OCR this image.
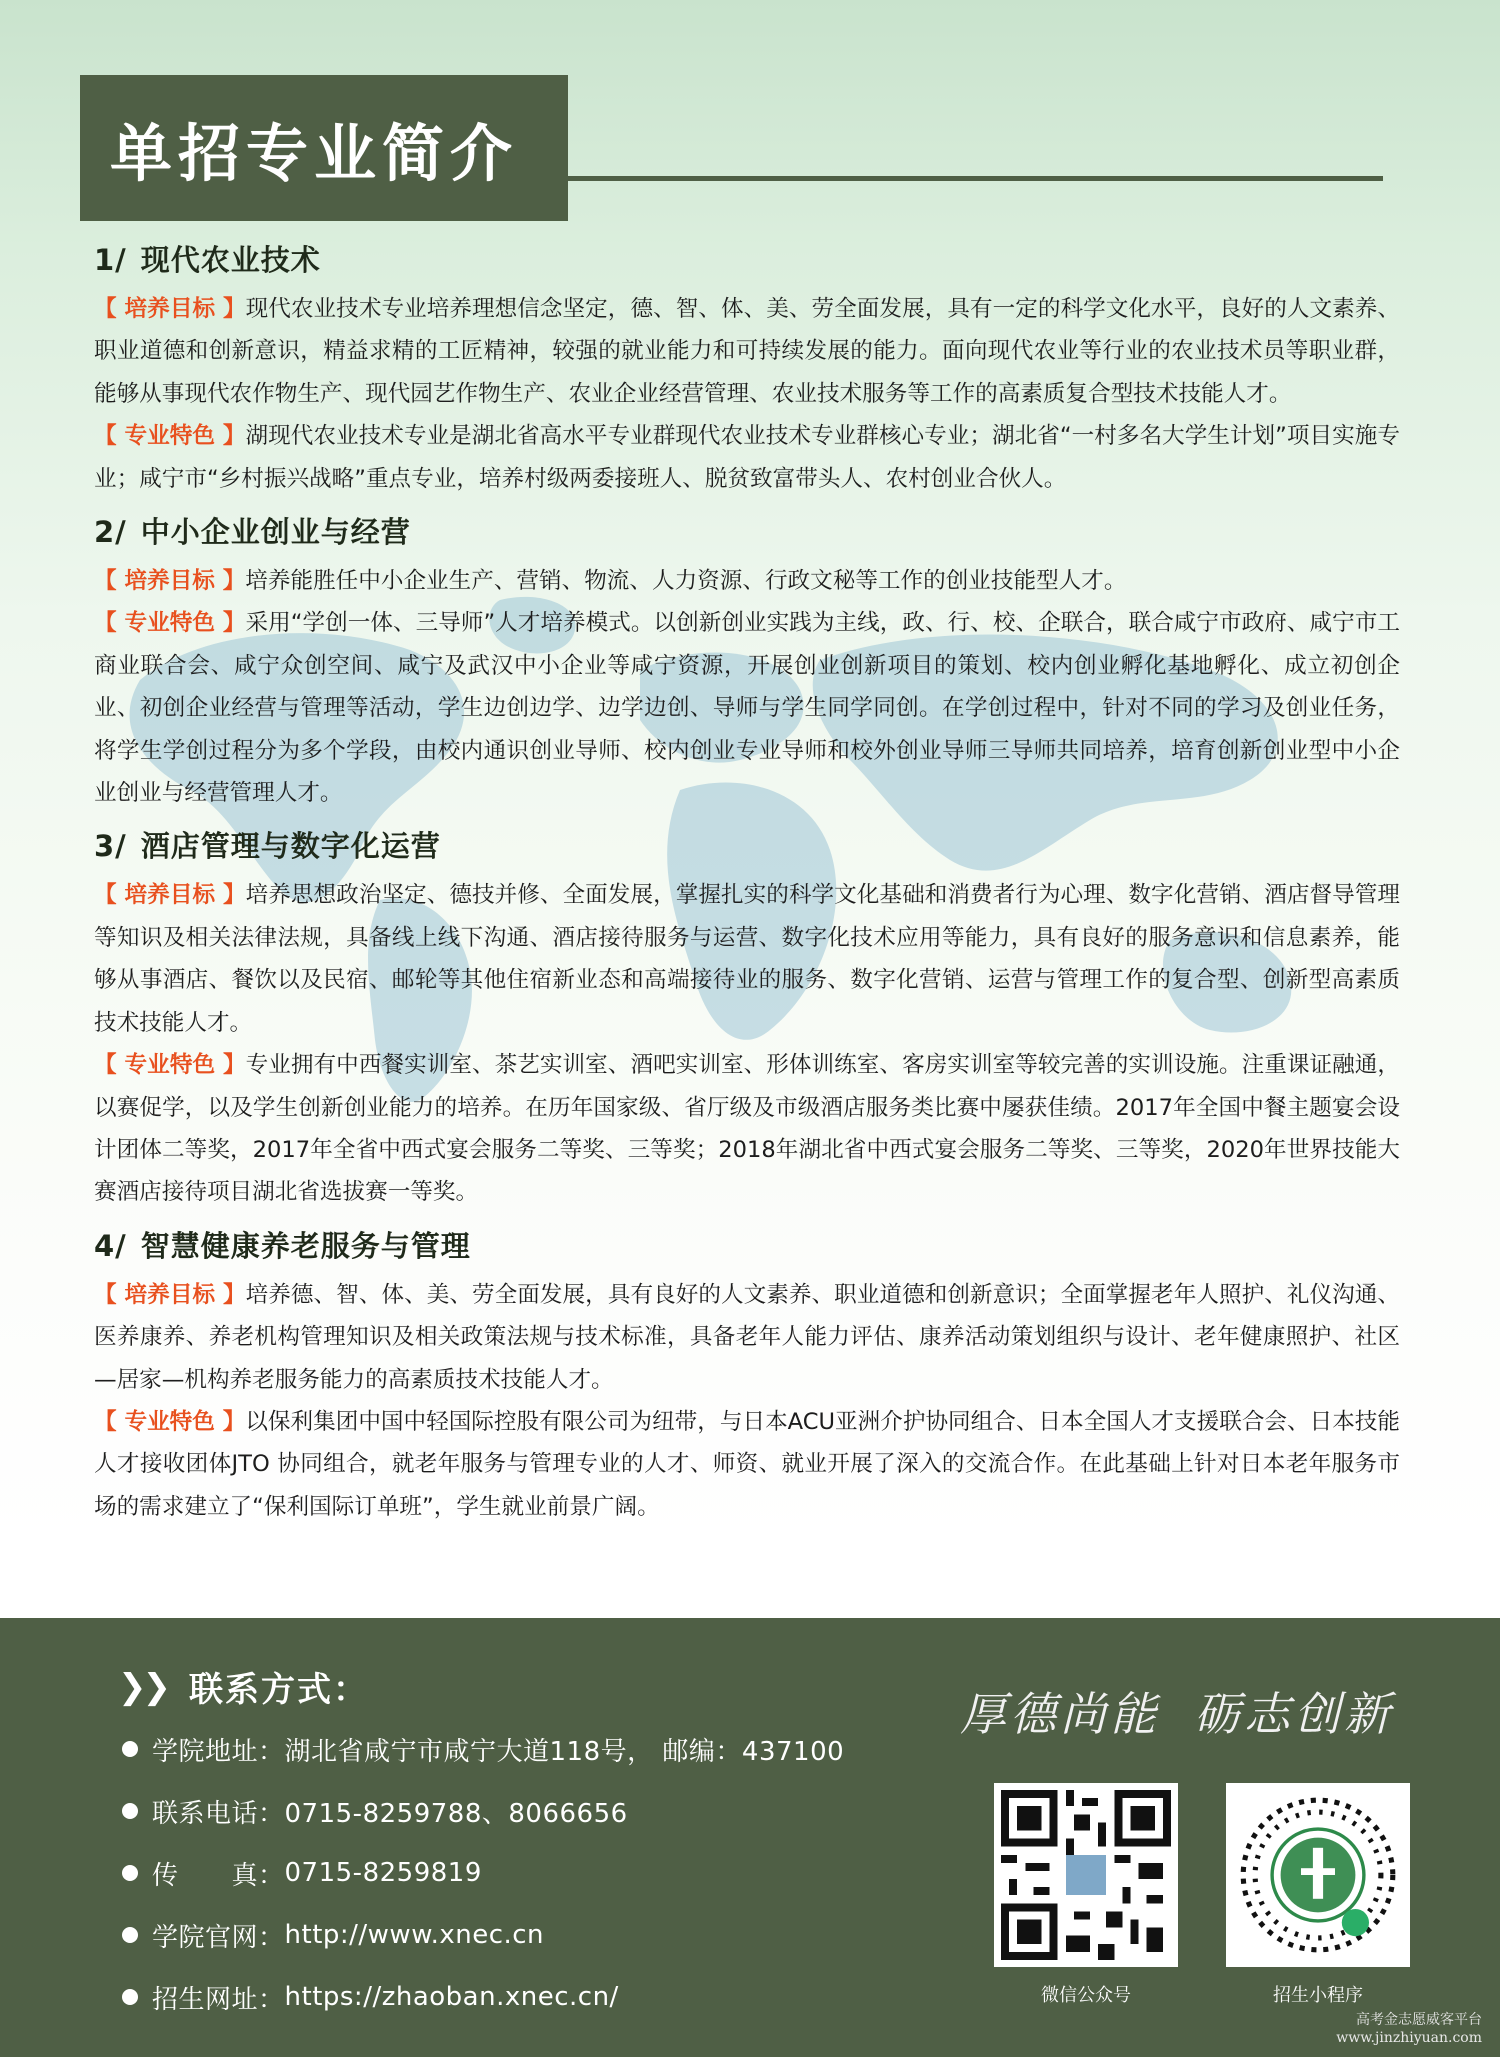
单招专业简介
1/ 现代农业技术
【 培养目标 】现代农业技术专业培养理想信念坚定，德、智、体、美、劳全面发展，具有一定的科学文化水平，良好的人文素养、职业道德和创新意识，精益求精的工匠精神，较强的就业能力和可持续发展的能力。面向现代农业等行业的农业技术员等职业群，能够从事现代农作物生产、现代园艺作物生产、农业企业经营管理、农业技术服务等工作的高素质复合型技术技能人才。
【 专业特色 】湖现代农业技术专业是湖北省高水平专业群现代农业技术专业群核心专业；湖北省“一村多名大学生计划”项目实施专业；咸宁市“乡村振兴战略”重点专业，培养村级两委接班人、脱贫致富带头人、农村创业合伙人。
2/ 中小企业创业与经营
【 培养目标 】培养能胜任中小企业生产、营销、物流、人力资源、行政文秘等工作的创业技能型人才。
【 专业特色 】采用“学创一体、三导师”人才培养模式。以创新创业实践为主线，政、行、校、企联合，联合咸宁市政府、咸宁市工商业联合会、咸宁众创空间、咸宁及武汉中小企业等咸宁资源，开展创业创新项目的策划、校内创业孵化基地孵化、成立初创企业、初创企业经营与管理等活动，学生边创边学、边学边创、导师与学生同学同创。在学创过程中，针对不同的学习及创业任务，将学生学创过程分为多个学段，由校内通识创业导师、校内创业专业导师和校外创业导师三导师共同培养，培育创新创业型中小企业创业与经营管理人才。
3/ 酒店管理与数字化运营
【 培养目标 】培养思想政治坚定、德技并修、全面发展，掌握扎实的科学文化基础和消费者行为心理、数字化营销、酒店督导管理等知识及相关法律法规，具备线上线下沟通、酒店接待服务与运营、数字化技术应用等能力，具有良好的服务意识和信息素养，能够从事酒店、餐饮以及民宿、邮轮等其他住宿新业态和高端接待业的服务、数字化营销、运营与管理工作的复合型、创新型高素质技术技能人才。
【 专业特色 】专业拥有中西餐实训室、茶艺实训室、酒吧实训室、形体训练室、客房实训室等较完善的实训设施。注重课证融通，以赛促学，以及学生创新创业能力的培养。在历年国家级、省厅级及市级酒店服务类比赛中屡获佳绩。2017年全国中餐主题宴会设计团体二等奖，2017年全省中西式宴会服务二等奖、三等奖；2018年湖北省中西式宴会服务二等奖、三等奖，2020年世界技能大赛酒店接待项目湖北省选拔赛一等奖。
4/ 智慧健康养老服务与管理
【 培养目标 】培养德、智、体、美、劳全面发展，具有良好的人文素养、职业道德和创新意识；全面掌握老年人照护、礼仪沟通、医养康养、养老机构管理知识及相关政策法规与技术标准，具备老年人能力评估、康养活动策划组织与设计、老年健康照护、社区—居家—机构养老服务能力的高素质技术技能人才。
【 专业特色 】以保利集团中国中轻国际控股有限公司为纽带，与日本ACU亚洲介护协同组合、日本全国人才支援联合会、日本技能人才接收团体JTO 协同组合，就老年服务与管理专业的人才、师资、就业开展了深入的交流合作。在此基础上针对日本老年服务市场的需求建立了“保利国际订单班”，学生就业前景广阔。
❯❯ 联系方式：
学院地址： 湖北省咸宁市咸宁大道118号， 邮编：437100
联系电话： 0715-8259788、8066656
传　　真： 0715-8259819
学院官网： http://www.xnec.cn
招生网址： https://zhaoban.xnec.cn/
厚德尚能 砺志创新
微信公众号	招生小程序
高考金志愿威客平台
www.jinzhiyuan.com
